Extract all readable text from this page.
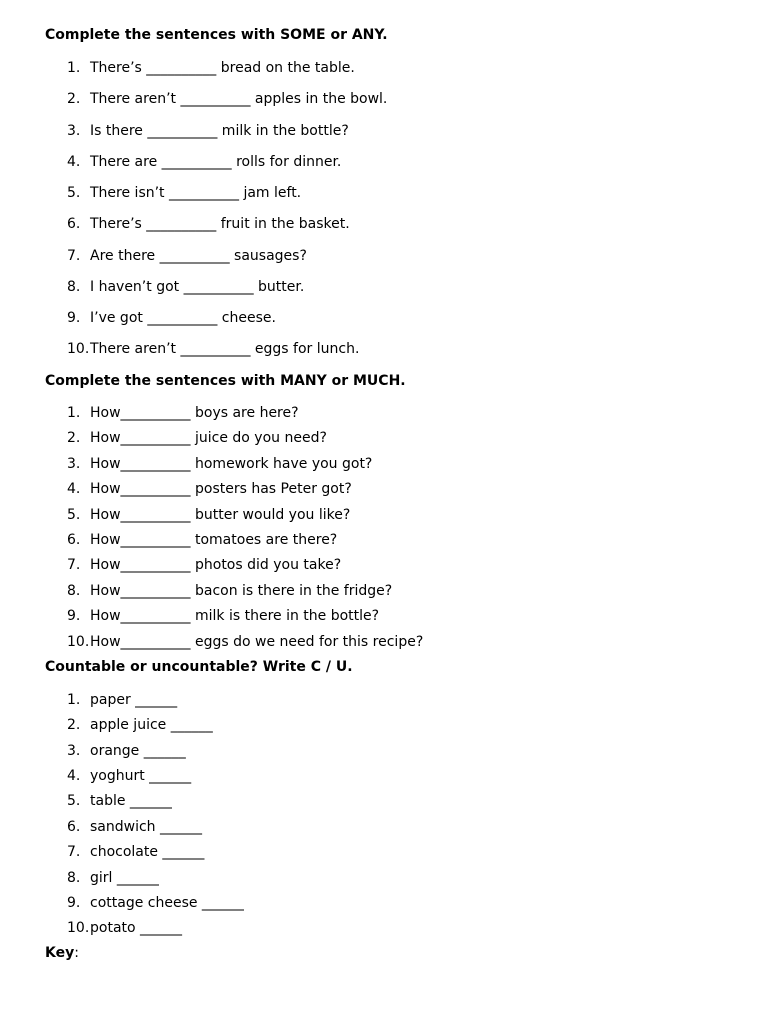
Complete the sentences with SOME or ANY.
1. There’s __________ bread on the table.
2. There aren’t __________ apples in the bowl.
3. Is there __________ milk in the bottle?
4. There are __________ rolls for dinner.
5. There isn’t __________ jam left.
6. There’s __________ fruit in the basket.
7. Are there __________ sausages?
8. I haven’t got __________ butter.
9. I’ve got __________ cheese.
10.There aren’t __________ eggs for lunch.
Complete the sentences with MANY or MUCH.
1. How__________ boys are here?
2. How__________ juice do you need?
3. How__________ homework have you got?
4. How__________ posters has Peter got?
5. How__________ butter would you like?
6. How__________ tomatoes are there?
7. How__________ photos did you take?
8. How__________ bacon is there in the fridge?
9. How__________ milk is there in the bottle?
10.How__________ eggs do we need for this recipe?
Countable or uncountable? Write C / U.
1. paper ______
2. apple juice ______
3. orange ______
4. yoghurt ______
5. table ______
6. sandwich ______
7. chocolate ______
8. girl ______
9. cottage cheese ______
10.potato ______
Key:
